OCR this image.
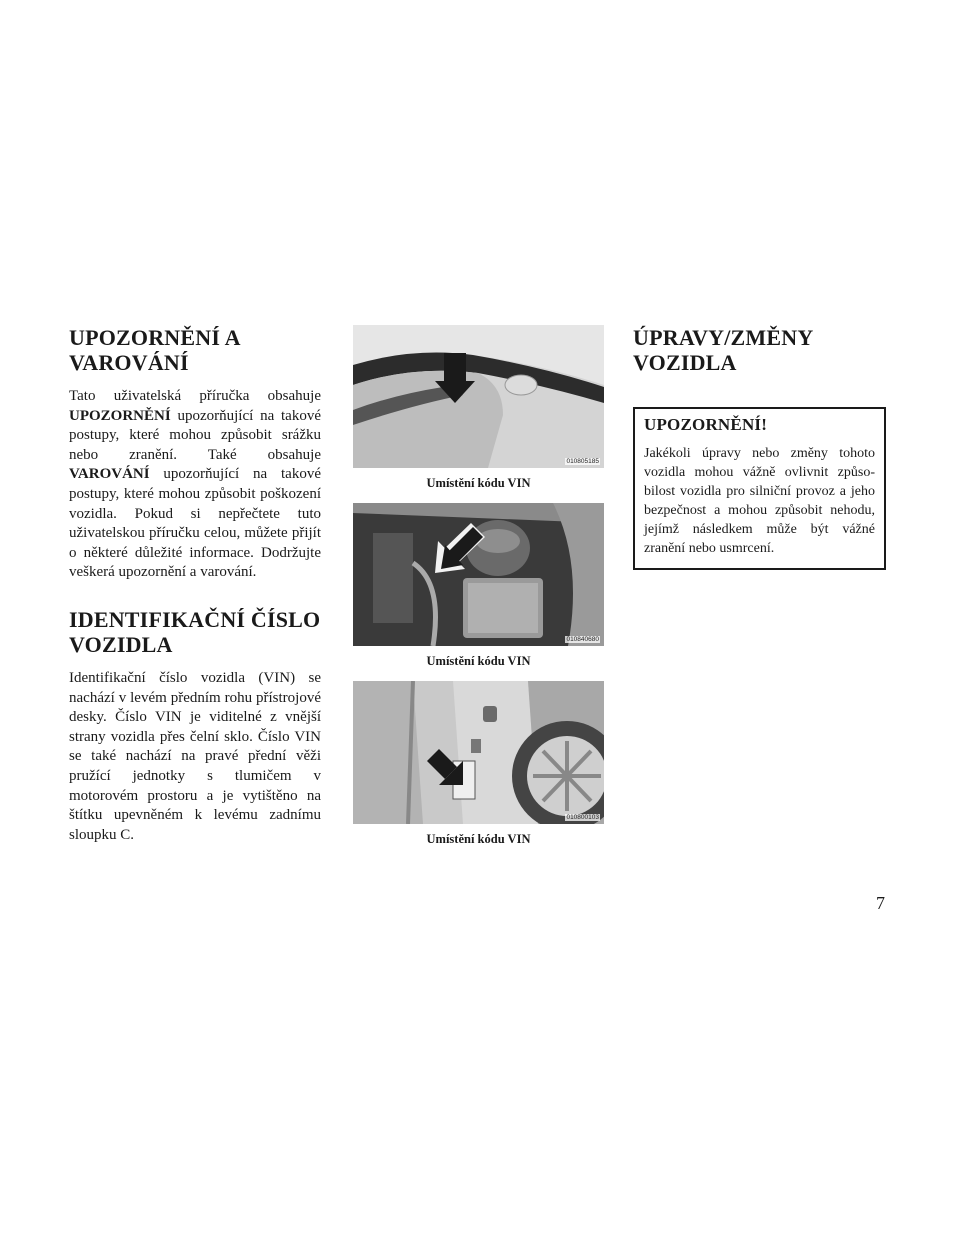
UPOZORNĚNÍ A VAROVÁNÍ

Tato uživatelská příručka obsahuje UPOZORNĚNÍ upozorňující na takové postupy, které mohou způsobit srážku nebo zranění. Také obsahuje VAROVÁNÍ upozorňující na takové postupy, které mohou způsobit poškození vozidla. Pokud si nepřečtete tuto uživatelskou příručku celou, můžete přijít o některé důležité informace. Dodržujte veškerá upozornění a varování.

IDENTIFIKAČNÍ ČÍSLO VOZIDLA

Identifikační číslo vozidla (VIN) se nachází v levém předním rohu přístrojové desky. Číslo VIN je viditelné z vnější strany vozidla přes čelní sklo. Číslo VIN se také nachází na pravé přední věži pružící jednotky s tlumičem v motorovém prostoru a je vytištěno na štítku upevněném k levému zadnímu sloupku C.

010805185
Umístění kódu VIN
010840680
Umístění kódu VIN
010800103
Umístění kódu VIN
ÚPRAVY/ZMĚNY VOZIDLA
UPOZORNĚNÍ!

Jakékoli úpravy nebo změny tohoto vozidla mohou vážně ovlivnit způsobilost vozidla pro silniční provoz a jeho bezpečnost a mohou způsobit nehodu, jejímž následkem může být vážné zranění nebo usmrcení.

7
